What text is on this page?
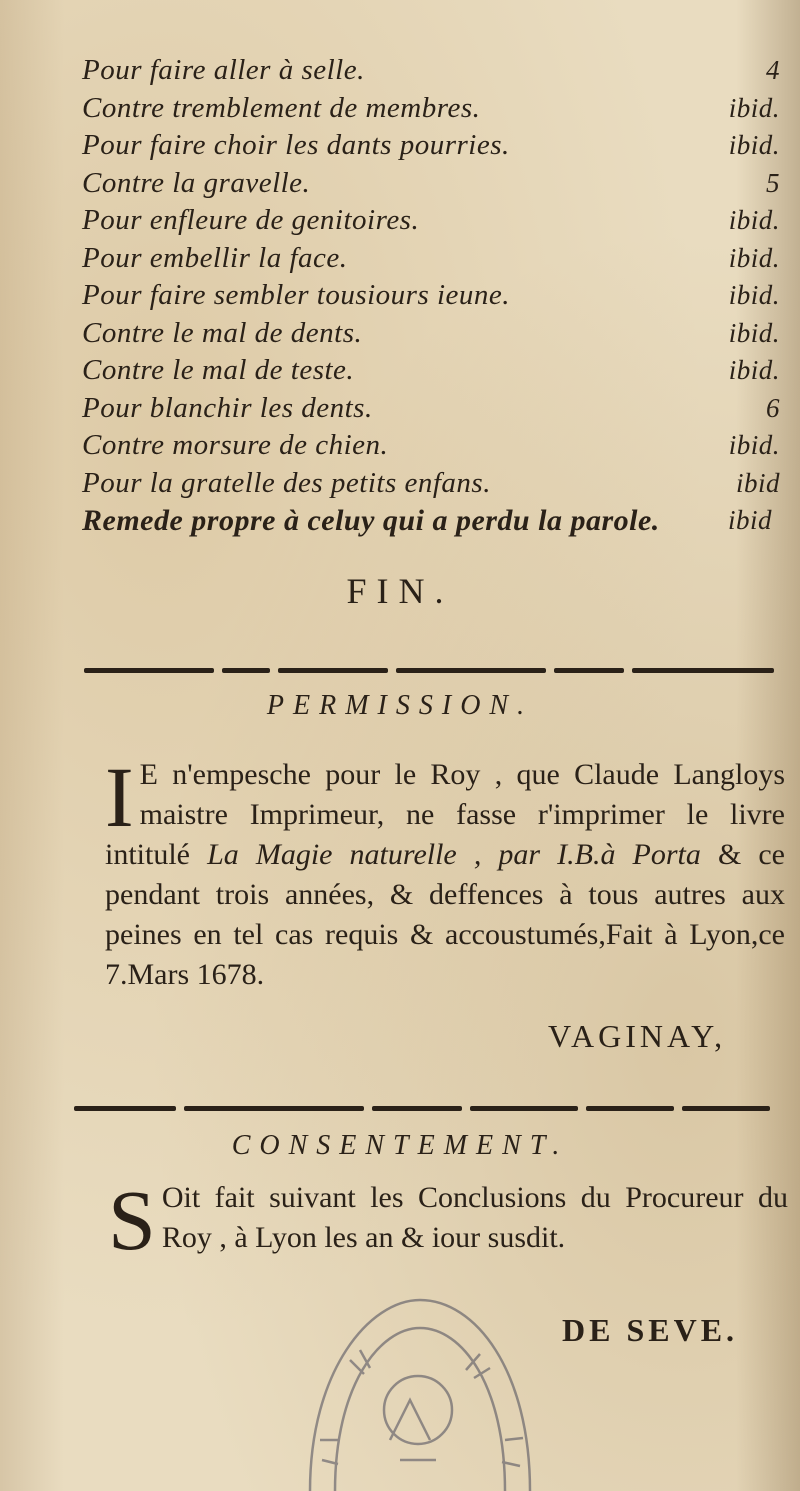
Pour faire aller à selle.	4
Contre tremblement de membres.	ibid.
Pour faire choir les dants pourries.	ibid.
Contre la gravelle.	5
Pour enfleure de genitoires.	ibid.
Pour embellir la face.	ibid.
Pour faire sembler tousiours ieune.	ibid.
Contre le mal de dents.	ibid.
Contre le mal de teste.	ibid.
Pour blanchir les dents.	6
Contre morsure de chien.	ibid.
Pour la gratelle des petits enfans.	ibid
Remede propre à celuy qui a perdu la parole.	ibid
FIN.
PERMISSION.

I E n'empesche pour le Roy , que Claude Langloys maistre Imprimeur, ne fasse r'imprimer le livre intitulé La Magie naturelle , par I.B.à Porta & ce pendant trois années, & deffences à tous autres aux peines en tel cas requis & accoustumés,Fait à Lyon,ce 7.Mars 1678.

VAGINAY,
CONSENTEMENT.

S Oit fait suivant les Conclusions du Procureur du Roy , à Lyon les an & iour susdit.

DE SEVE.
